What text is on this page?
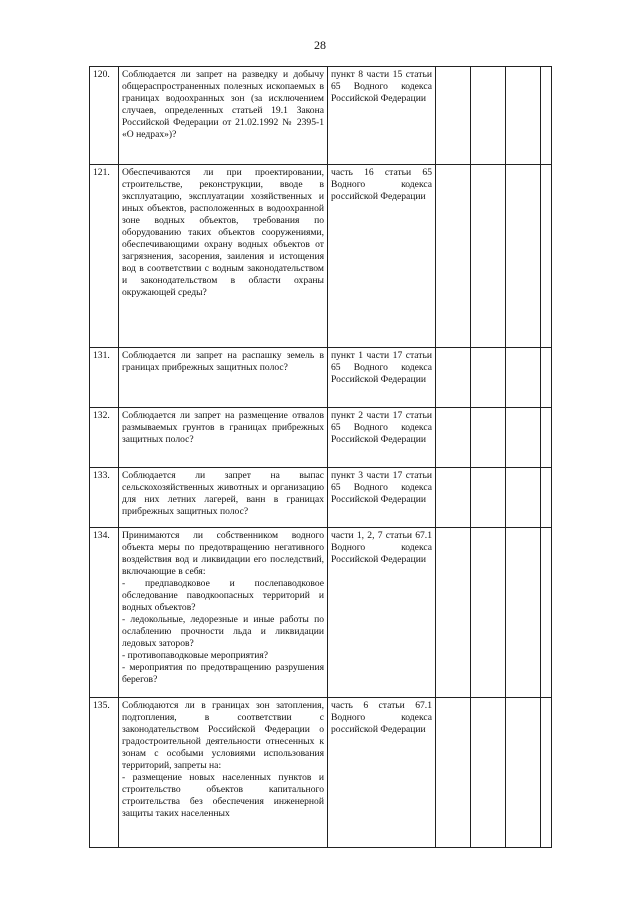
28
120.	Соблюдается ли запрет на разведку и добычу общераспространенных полезных ископаемых в границах водоохранных зон (за исключением случаев, определенных статьей 19.1 Закона Российской Федерации от 21.02.1992 № 2395-1 «О недрах»)?	пункт 8 части 15 статьи 65 Водного кодекса Российской Федерации				

121.	Обеспечиваются ли при проектировании, строительстве, реконструкции, вводе в эксплуатацию, эксплуатации хозяйственных и иных объектов, расположенных в водоохранной зоне водных объектов, требования по оборудованию таких объектов сооружениями, обеспечивающими охрану водных объектов от загрязнения, засорения, заиления и истощения вод в соответствии с водным законодательством и законодательством в области охраны окружающей среды?	часть 16 статьи 65 Водного кодекса российской Федерации				

131.	Соблюдается ли запрет на распашку земель в границах прибрежных защитных полос?	пункт 1 части 17 статьи 65 Водного кодекса Российской Федерации				

132.	Соблюдается ли запрет на размещение отвалов размываемых грунтов в границах прибрежных защитных полос?	пункт 2 части 17 статьи 65 Водного кодекса Российской Федерации				

133.	Соблюдается ли запрет на выпас сельскохозяйственных животных и организацию для них летних лагерей, ванн в границах прибрежных защитных полос?	пункт 3 части 17 статьи 65 Водного кодекса Российской Федерации				

134.	Принимаются ли собственником водного объекта меры по предотвращению негативного воздействия вод и ликвидации его последствий, включающие в себя:
- предпаводковое и послепаводковое обследование паводкоопасных территорий и водных объектов?
- ледокольные, ледорезные и иные работы по ослаблению прочности льда и ликвидации ледовых заторов?
- противопаводковые мероприятия?
- мероприятия по предотвращению разрушения берегов?	части 1, 2, 7 статьи 67.1 Водного кодекса Российской Федерации				

135.	Соблюдаются ли в границах зон затопления, подтопления, в соответствии с законодательством Российской Федерации о градостроительной деятельности отнесенных к зонам с особыми условиями использования территорий, запреты на:
- размещение новых населенных пунктов и строительство объектов капитального строительства без обеспечения инженерной защиты таких населенных	часть 6 статьи 67.1 Водного кодекса российской Федерации				
